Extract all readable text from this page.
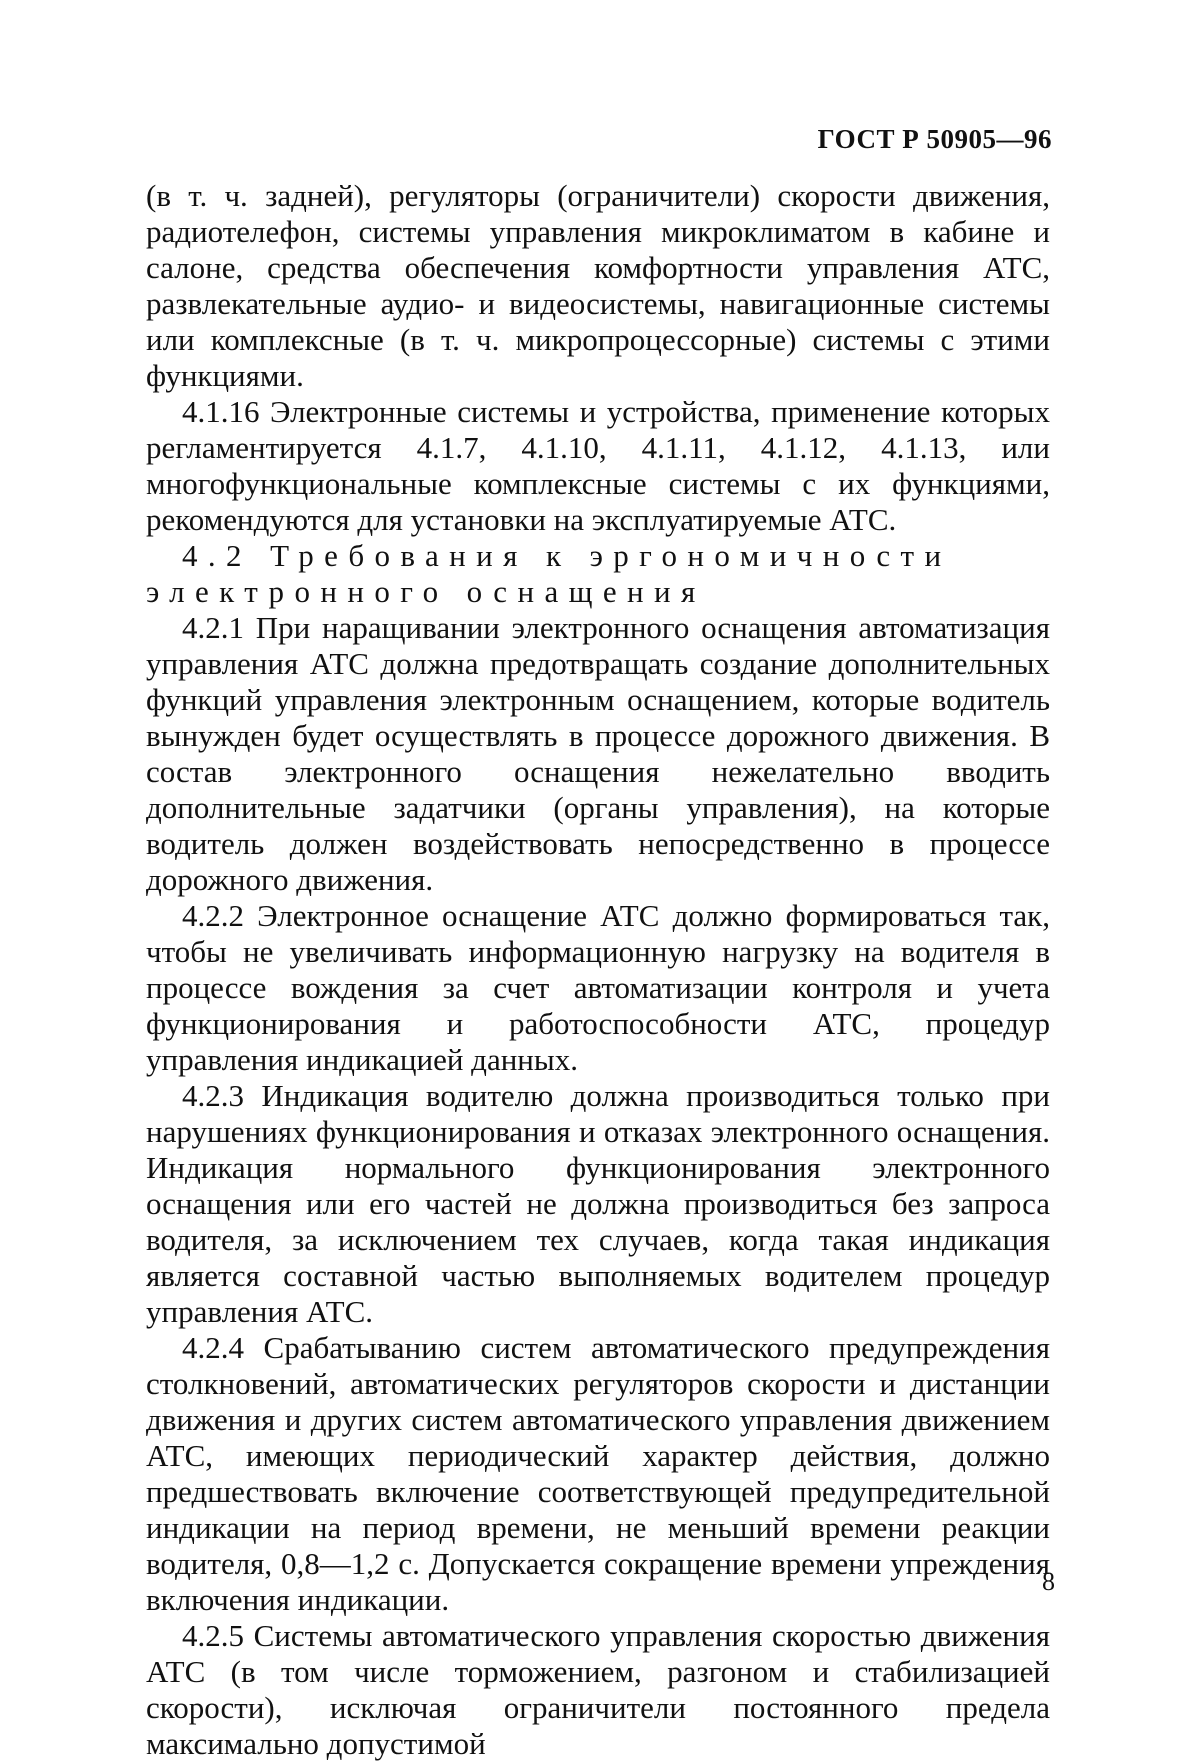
ГОСТ Р 50905—96

(в т. ч. задней), регуляторы (ограничители) скорости движения, радиотелефон, системы управления микроклиматом в кабине и салоне, средства обеспечения комфортности управления АТС, развлекательные аудио- и видеосистемы, навигационные системы или комплексные (в т. ч. микропроцессорные) системы с этими функциями.

4.1.16 Электронные системы и устройства, применение которых регламентируется 4.1.7, 4.1.10, 4.1.11, 4.1.12, 4.1.13, или многофункциональные комплексные системы с их функциями, рекомендуются для установки на эксплуатируемые АТС.

4.2 Требования к эргономичности электронного оснащения

4.2.1 При наращивании электронного оснащения автоматизация управления АТС должна предотвращать создание дополнительных функций управления электронным оснащением, которые водитель вынужден будет осуществлять в процессе дорожного движения. В состав электронного оснащения нежелательно вводить дополнительные задатчики (органы управления), на которые водитель должен воздействовать непосредственно в процессе дорожного движения.

4.2.2 Электронное оснащение АТС должно формироваться так, чтобы не увеличивать информационную нагрузку на водителя в процессе вождения за счет автоматизации контроля и учета функционирования и работоспособности АТС, процедур управления индикацией данных.

4.2.3 Индикация водителю должна производиться только при нарушениях функционирования и отказах электронного оснащения. Индикация нормального функционирования электронного оснащения или его частей не должна производиться без запроса водителя, за исключением тех случаев, когда такая индикация является составной частью выполняемых водителем процедур управления АТС.

4.2.4 Срабатыванию систем автоматического предупреждения столкновений, автоматических регуляторов скорости и дистанции движения и других систем автоматического управления движением АТС, имеющих периодический характер действия, должно предшествовать включение соответствующей предупредительной индикации на период времени, не меньший времени реакции водителя, 0,8—1,2 с. Допускается сокращение времени упреждения включения индикации.

4.2.5 Системы автоматического управления скоростью движения АТС (в том числе торможением, разгоном и стабилизацией скорости), исключая ограничители постоянного предела максимально допустимой

8
